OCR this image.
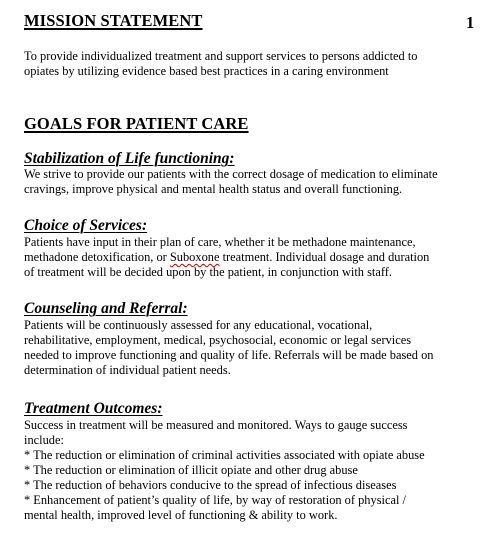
MISSION STATEMENT	1
To provide individualized treatment and support services to persons addicted to
opiates by utilizing evidence based best practices in a caring environment
GOALS FOR PATIENT CARE
Stabilization of Life functioning:
We strive to provide our patients with the correct dosage of medication to eliminate
cravings, improve physical and mental health status and overall functioning.
Choice of Services:
Patients have input in their plan of care, whether it be methadone maintenance,
methadone detoxification, or Suboxone treatment. Individual dosage and duration
of treatment will be decided upon by the patient, in conjunction with staff.
Counseling and Referral:
Patients will be continuously assessed for any educational, vocational,
rehabilitative, employment, medical, psychosocial, economic or legal services
needed to improve functioning and quality of life. Referrals will be made based on
determination of individual patient needs.
Treatment Outcomes:
Success in treatment will be measured and monitored. Ways to gauge success
include:
* The reduction or elimination of criminal activities associated with opiate abuse
* The reduction or elimination of illicit opiate and other drug abuse
* The reduction of behaviors conducive to the spread of infectious diseases
* Enhancement of patient’s quality of life, by way of restoration of physical /
mental health, improved level of functioning & ability to work.
